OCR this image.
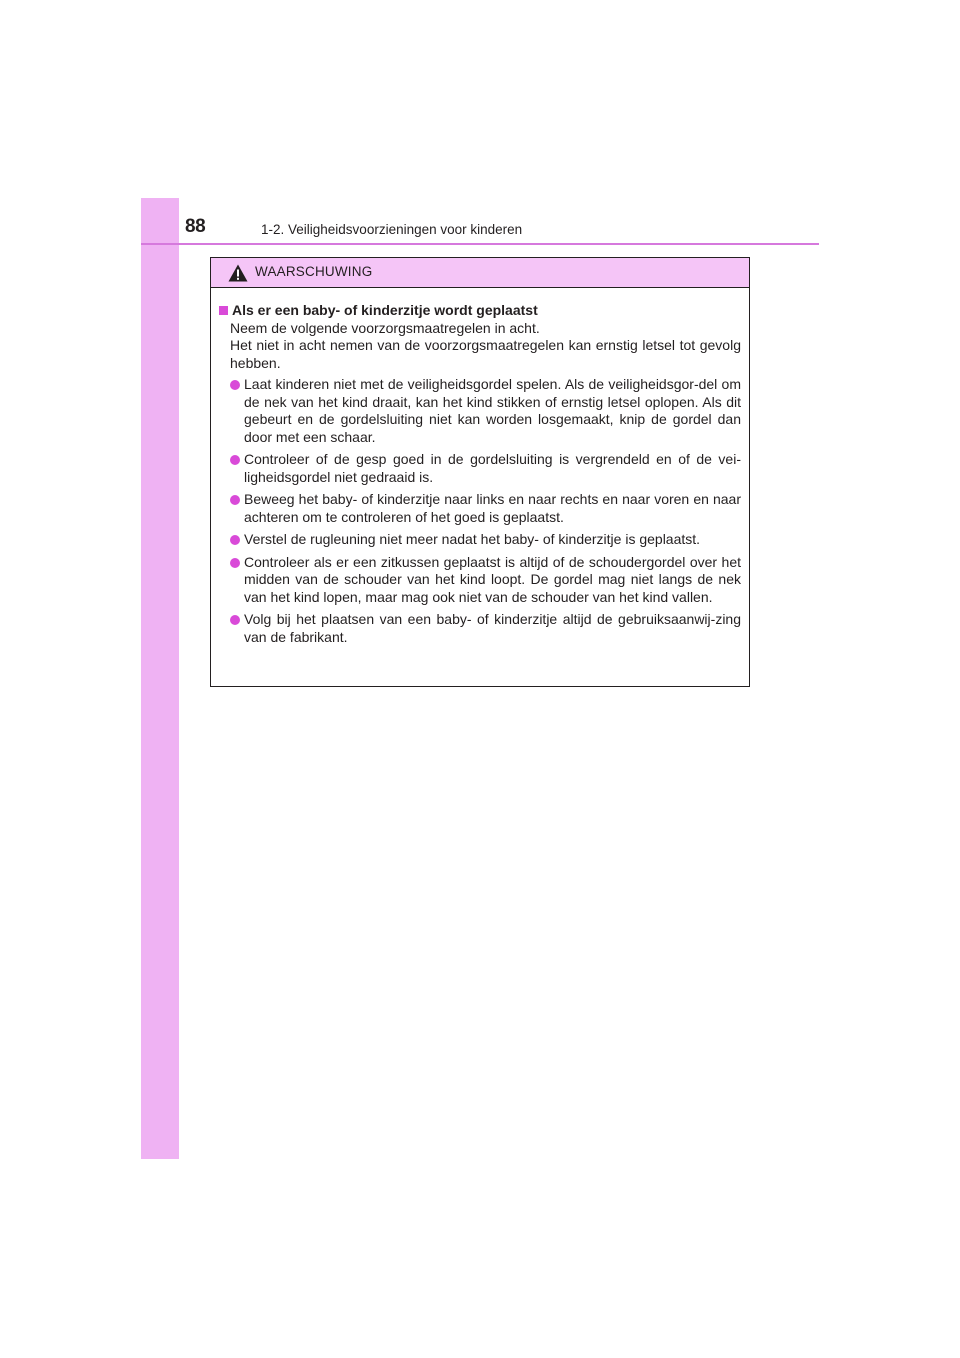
88	1-2. Veiligheidsvoorzieningen voor kinderen
WAARSCHUWING
Als er een baby- of kinderzitje wordt geplaatst
Neem de volgende voorzorgsmaatregelen in acht.
Het niet in acht nemen van de voorzorgsmaatregelen kan ernstig letsel tot gevolg hebben.
Laat kinderen niet met de veiligheidsgordel spelen. Als de veiligheidsgor-del om de nek van het kind draait, kan het kind stikken of ernstig letsel oplopen. Als dit gebeurt en de gordelsluiting niet kan worden losgemaakt, knip de gordel dan door met een schaar.
Controleer of de gesp goed in de gordelsluiting is vergrendeld en of de vei-ligheidsgordel niet gedraaid is.
Beweeg het baby- of kinderzitje naar links en naar rechts en naar voren en naar achteren om te controleren of het goed is geplaatst.
Verstel de rugleuning niet meer nadat het baby- of kinderzitje is geplaatst.
Controleer als er een zitkussen geplaatst is altijd of de schoudergordel over het midden van de schouder van het kind loopt. De gordel mag niet langs de nek van het kind lopen, maar mag ook niet van de schouder van het kind vallen.
Volg bij het plaatsen van een baby- of kinderzitje altijd de gebruiksaanwij-zing van de fabrikant.
